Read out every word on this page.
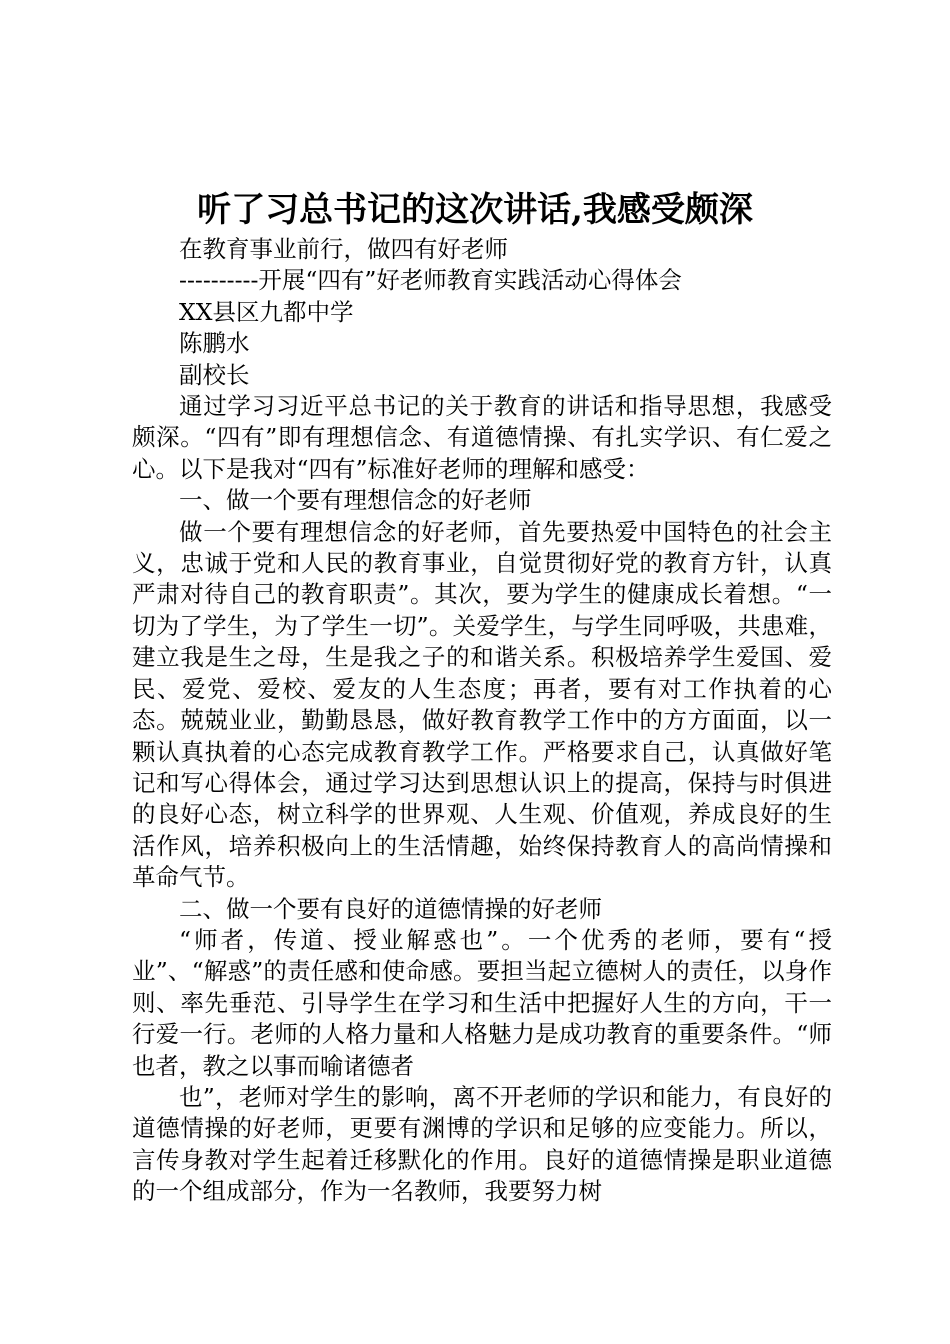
听了习总书记的这次讲话,我感受颇深

在教育事业前行，做四有好老师

----------开展“四有”好老师教育实践活动心得体会

XX县区九都中学

陈鹏水

副校长

通过学习习近平总书记的关于教育的讲话和指导思想，我感受颇深。“四有”即有理想信念、有道德情操、有扎实学识、有仁爱之心。以下是我对“四有”标准好老师的理解和感受：

一、做一个要有理想信念的好老师

做一个要有理想信念的好老师，首先要热爱中国特色的社会主义，忠诚于党和人民的教育事业，自觉贯彻好党的教育方针，认真严肃对待自己的教育职责”。其次，要为学生的健康成长着想。“一切为了学生，为了学生一切”。关爱学生，与学生同呼吸，共患难，建立我是生之母，生是我之子的和谐关系。积极培养学生爱国、爱民、爱党、爱校、爱友的人生态度；再者，要有对工作执着的心态。兢兢业业，勤勤恳恳，做好教育教学工作中的方方面面，以一颗认真执着的心态完成教育教学工作。严格要求自己，认真做好笔记和写心得体会，通过学习达到思想认识上的提高，保持与时俱进的良好心态，树立科学的世界观、人生观、价值观，养成良好的生活作风，培养积极向上的生活情趣，始终保持教育人的高尚情操和革命气节。

二、做一个要有良好的道德情操的好老师

“师者，传道、授业解惑也”。一个优秀的老师，要有“授业”、“解惑”的责任感和使命感。要担当起立德树人的责任，以身作则、率先垂范、引导学生在学习和生活中把握好人生的方向，干一行爱一行。老师的人格力量和人格魅力是成功教育的重要条件。“师也者，教之以事而喻诸德者

也”，老师对学生的影响，离不开老师的学识和能力，有良好的道德情操的好老师，更要有渊博的学识和足够的应变能力。所以，言传身教对学生起着迁移默化的作用。良好的道德情操是职业道德的一个组成部分，作为一名教师，我要努力树
